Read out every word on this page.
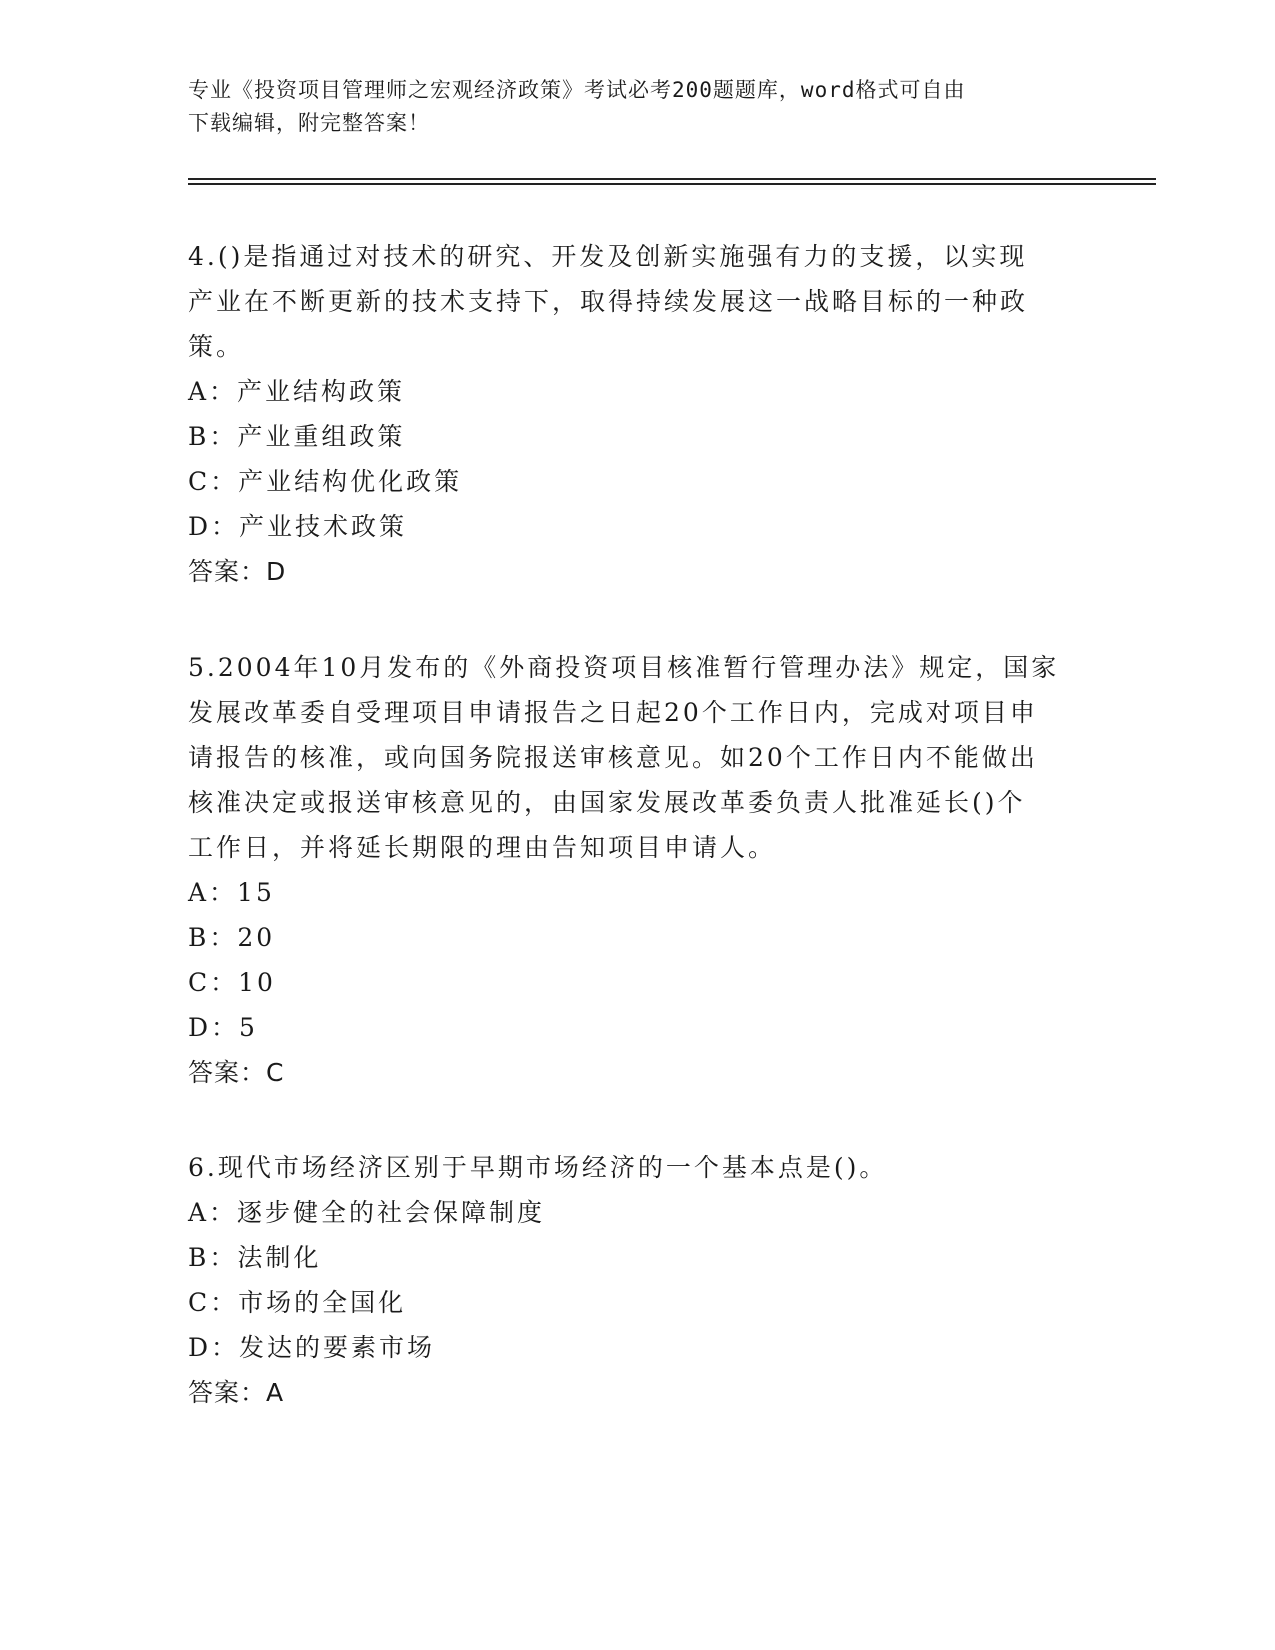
专业《投资项目管理师之宏观经济政策》考试必考200题题库，word格式可自由
下载编辑，附完整答案！

4.()是指通过对技术的研究、开发及创新实施强有力的支援，以实现

产业在不断更新的技术支持下，取得持续发展这一战略目标的一种政

策。

A：产业结构政策

B：产业重组政策

C：产业结构优化政策

D：产业技术政策

答案：D

5.2004年10月发布的《外商投资项目核准暂行管理办法》规定，国家

发展改革委自受理项目申请报告之日起20个工作日内，完成对项目申

请报告的核准，或向国务院报送审核意见。如20个工作日内不能做出

核准决定或报送审核意见的，由国家发展改革委负责人批准延长()个

工作日，并将延长期限的理由告知项目申请人。

A：15

B：20

C：10

D：5

答案：C

6.现代市场经济区别于早期市场经济的一个基本点是()。

A：逐步健全的社会保障制度

B：法制化

C：市场的全国化

D：发达的要素市场

答案：A
